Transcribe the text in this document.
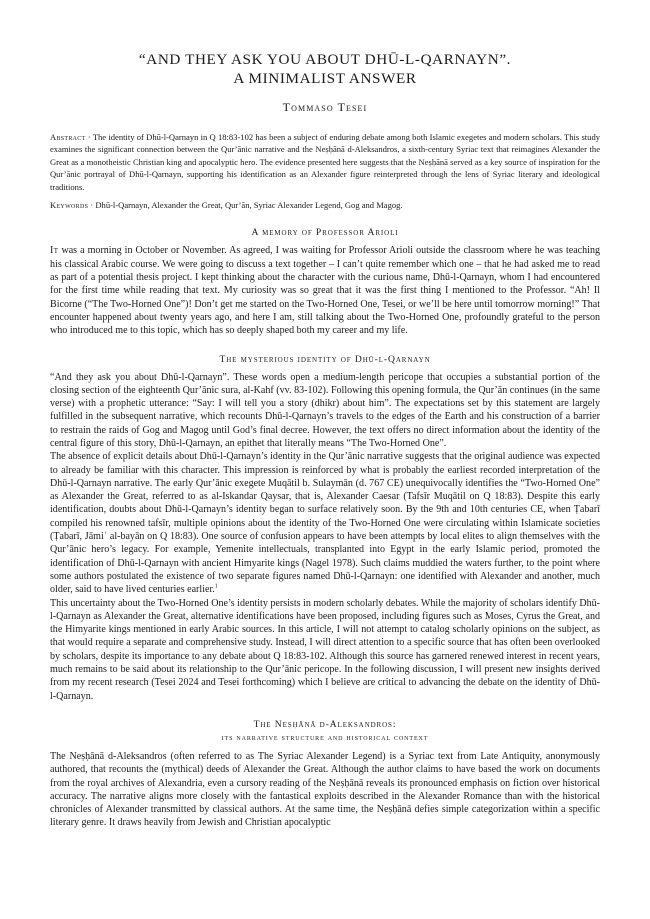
“AND THEY ASK YOU ABOUT DHŪ-L-QARNAYN”.
A MINIMALIST ANSWER
Tommaso Tesei
Abstract · The identity of Dhū-l-Qarnayn in Q 18:83-102 has been a subject of enduring debate among both Islamic exegetes and modern scholars. This study examines the significant connection between the Qur’ānic narrative and the Neṣḥānā d-Aleksandros, a sixth-century Syriac text that reimagines Alexander the Great as a monotheistic Christian king and apocalyptic hero. The evidence presented here suggests that the Neṣḥānā served as a key source of inspiration for the Qur’ānic portrayal of Dhū-l-Qarnayn, supporting his identification as an Alexander figure reinterpreted through the lens of Syriac literary and ideological traditions.
Keywords · Dhū-l-Qarnayn, Alexander the Great, Qur’ān, Syriac Alexander Legend, Gog and Magog.
A memory of Professor Arioli

It was a morning in October or November. As agreed, I was waiting for Professor Arioli outside the classroom where he was teaching his classical Arabic course. We were going to discuss a text together – I can’t quite remember which one – that he had asked me to read as part of a potential thesis project. I kept thinking about the character with the curious name, Dhū-l-Qarnayn, whom I had encountered for the first time while reading that text. My curiosity was so great that it was the first thing I mentioned to the Professor. “Ah! Il Bicorne (“The Two-Horned One”)! Don’t get me started on the Two-Horned One, Tesei, or we’ll be here until tomorrow morning!” That encounter happened about twenty years ago, and here I am, still talking about the Two-Horned One, profoundly grateful to the person who introduced me to this topic, which has so deeply shaped both my career and my life.

The mysterious identity of Dhū-l-Qarnayn

“And they ask you about Dhū-l-Qarnayn”. These words open a medium-length pericope that occupies a substantial portion of the closing section of the eighteenth Qur’ānic sura, al-Kahf (vv. 83-102). Following this opening formula, the Qur’ān continues (in the same verse) with a prophetic utterance: “Say: I will tell you a story (dhikr) about him”. The expectations set by this statement are largely fulfilled in the subsequent narrative, which recounts Dhū-l-Qarnayn’s travels to the edges of the Earth and his construction of a barrier to restrain the raids of Gog and Magog until God’s final decree. However, the text offers no direct information about the identity of the central figure of this story, Dhū-l-Qarnayn, an epithet that literally means “The Two-Horned One”.

The absence of explicit details about Dhū-l-Qarnayn’s identity in the Qur’ānic narrative suggests that the original audience was expected to already be familiar with this character. This impression is reinforced by what is probably the earliest recorded interpretation of the Dhū-l-Qarnayn narrative. The early Qur’ānic exegete Muqātil b. Sulaymān (d. 767 CE) unequivocally identifies the “Two-Horned One” as Alexander the Great, referred to as al-Iskandar Qaysar, that is, Alexander Caesar (Tafsīr Muqātil on Q 18:83). Despite this early identification, doubts about Dhū-l-Qarnayn’s identity began to surface relatively soon. By the 9th and 10th centuries CE, when Ṭabarī compiled his renowned tafsīr, multiple opinions about the identity of the Two-Horned One were circulating within Islamicate societies (Ṭabarī, Jāmiʿ al-bayān on Q 18:83). One source of confusion appears to have been attempts by local elites to align themselves with the Qur’ānic hero’s legacy. For example, Yemenite intellectuals, transplanted into Egypt in the early Islamic period, promoted the identification of Dhū-l-Qarnayn with ancient Himyarite kings (Nagel 1978). Such claims muddied the waters further, to the point where some authors postulated the existence of two separate figures named Dhū-l-Qarnayn: one identified with Alexander and another, much older, said to have lived centuries earlier.$^1$

This uncertainty about the Two-Horned One’s identity persists in modern scholarly debates. While the majority of scholars identify Dhū-l-Qarnayn as Alexander the Great, alternative identifications have been proposed, including figures such as Moses, Cyrus the Great, and the Himyarite kings mentioned in early Arabic sources. In this article, I will not attempt to catalog scholarly opinions on the subject, as that would require a separate and comprehensive study. Instead, I will direct attention to a specific source that has often been overlooked by scholars, despite its importance to any debate about Q 18:83-102. Although this source has garnered renewed interest in recent years, much remains to be said about its relationship to the Qur’ānic pericope. In the following discussion, I will present new insights derived from my recent research (Tesei 2024 and Tesei forthcoming) which I believe are critical to advancing the debate on the identity of Dhū-l-Qarnayn.

The Neṣḥānā d-Aleksandros:
its narrative structure and historical context

The Neṣḥānā d-Aleksandros (often referred to as The Syriac Alexander Legend) is a Syriac text from Late Antiquity, anonymously authored, that recounts the (mythical) deeds of Alexander the Great. Although the author claims to have based the work on documents from the royal archives of Alexandria, even a cursory reading of the Neṣḥānā reveals its pronounced emphasis on fiction over historical accuracy. The narrative aligns more closely with the fantastical exploits described in the Alexander Romance than with the historical chronicles of Alexander transmitted by classical authors. At the same time, the Neṣḥānā defies simple categorization within a specific literary genre. It draws heavily from Jewish and Christian apocalyptic
